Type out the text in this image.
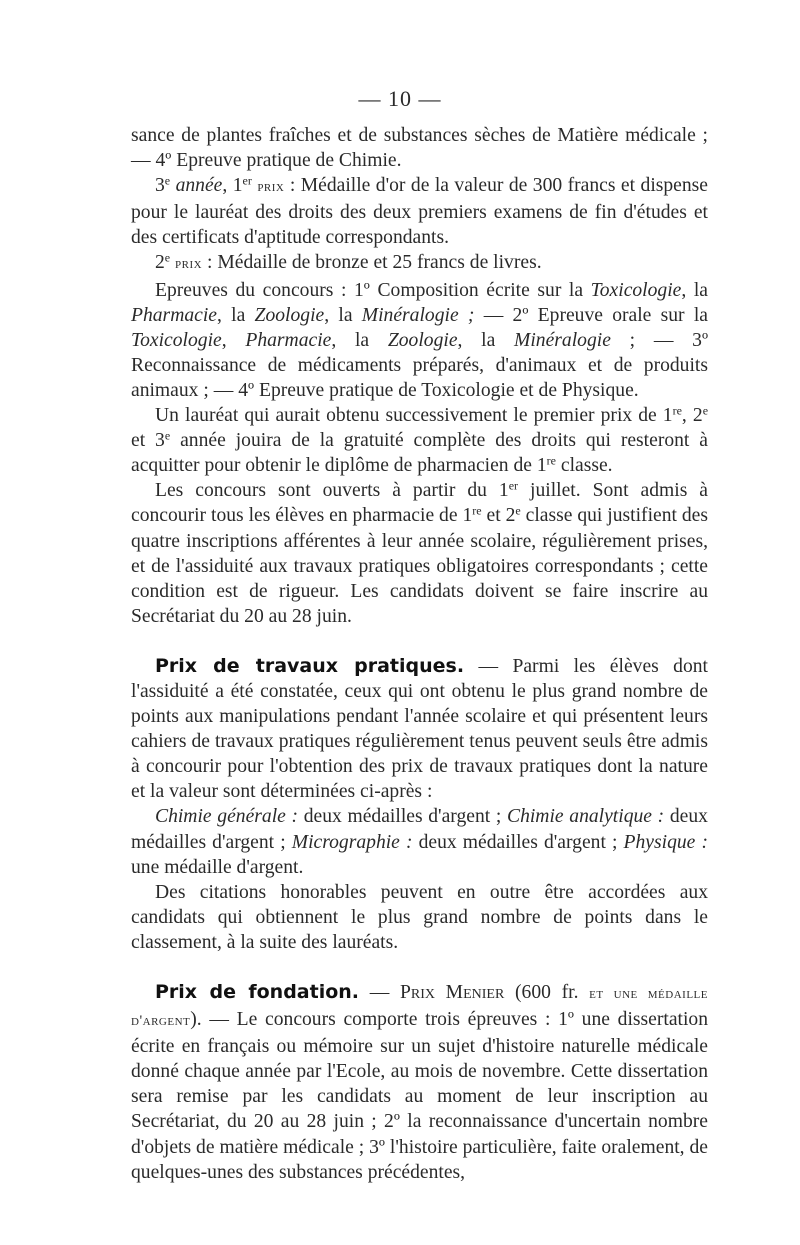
— 10 —

sance de plantes fraîches et de substances sèches de Matière médicale ; — 4º Epreuve pratique de Chimie.

3e année, 1er prix : Médaille d'or de la valeur de 300 francs et dispense pour le lauréat des droits des deux premiers examens de fin d'études et des certificats d'aptitude correspondants.

2e prix : Médaille de bronze et 25 francs de livres.

Epreuves du concours : 1º Composition écrite sur la Toxicologie, la Pharmacie, la Zoologie, la Minéralogie ; — 2º Epreuve orale sur la Toxicologie, Pharmacie, la Zoologie, la Minéralogie ; — 3º Reconnaissance de médicaments préparés, d'animaux et de produits animaux ; — 4º Epreuve pratique de Toxicologie et de Physique.

Un lauréat qui aurait obtenu successivement le premier prix de 1re, 2e et 3e année jouira de la gratuité complète des droits qui resteront à acquitter pour obtenir le diplôme de pharmacien de 1re classe.

Les concours sont ouverts à partir du 1er juillet. Sont admis à concourir tous les élèves en pharmacie de 1re et 2e classe qui justifient des quatre inscriptions afférentes à leur année scolaire, régulièrement prises, et de l'assiduité aux travaux pratiques obligatoires correspondants ; cette condition est de rigueur. Les candidats doivent se faire inscrire au Secrétariat du 20 au 28 juin.

Prix de travaux pratiques. — Parmi les élèves dont l'assiduité a été constatée, ceux qui ont obtenu le plus grand nombre de points aux manipulations pendant l'année scolaire et qui présentent leurs cahiers de travaux pratiques régulièrement tenus peuvent seuls être admis à concourir pour l'obtention des prix de travaux pratiques dont la nature et la valeur sont déterminées ci-après :

Chimie générale : deux médailles d'argent ; Chimie analytique : deux médailles d'argent ; Micrographie : deux médailles d'argent ; Physique : une médaille d'argent.

Des citations honorables peuvent en outre être accordées aux candidats qui obtiennent le plus grand nombre de points dans le classement, à la suite des lauréats.

Prix de fondation. — Prix Menier (600 fr. et une médaille d'argent). — Le concours comporte trois épreuves : 1º une dissertation écrite en français ou mémoire sur un sujet d'histoire naturelle médicale donné chaque année par l'Ecole, au mois de novembre. Cette dissertation sera remise par les candidats au moment de leur inscription au Secrétariat, du 20 au 28 juin ; 2º la reconnaissance d'uncertain nombre d'objets de matière médicale ; 3º l'histoire particulière, faite oralement, de quelques-unes des substances précédentes,
